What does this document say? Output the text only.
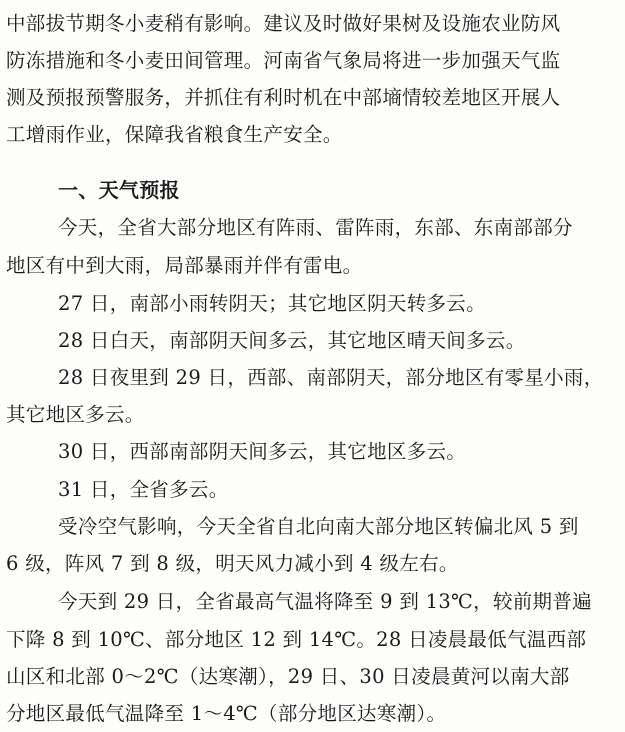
中部拔节期冬小麦稍有影响。建议及时做好果树及设施农业防风
防冻措施和冬小麦田间管理。河南省气象局将进一步加强天气监
测及预报预警服务，并抓住有利时机在中部墒情较差地区开展人
工增雨作业，保障我省粮食生产安全。
一、天气预报
今天，全省大部分地区有阵雨、雷阵雨，东部、东南部部分
地区有中到大雨，局部暴雨并伴有雷电。
27 日，南部小雨转阴天；其它地区阴天转多云。
28 日白天，南部阴天间多云，其它地区晴天间多云。
28 日夜里到 29 日，西部、南部阴天，部分地区有零星小雨，
其它地区多云。
30 日，西部南部阴天间多云，其它地区多云。
31 日，全省多云。
受冷空气影响，今天全省自北向南大部分地区转偏北风 5 到
6 级，阵风 7 到 8 级，明天风力减小到 4 级左右。
今天到 29 日，全省最高气温将降至 9 到 13℃，较前期普遍
下降 8 到 10℃、部分地区 12 到 14℃。28 日凌晨最低气温西部
山区和北部 0～2℃（达寒潮），29 日、30 日凌晨黄河以南大部
分地区最低气温降至 1～4℃（部分地区达寒潮）。
